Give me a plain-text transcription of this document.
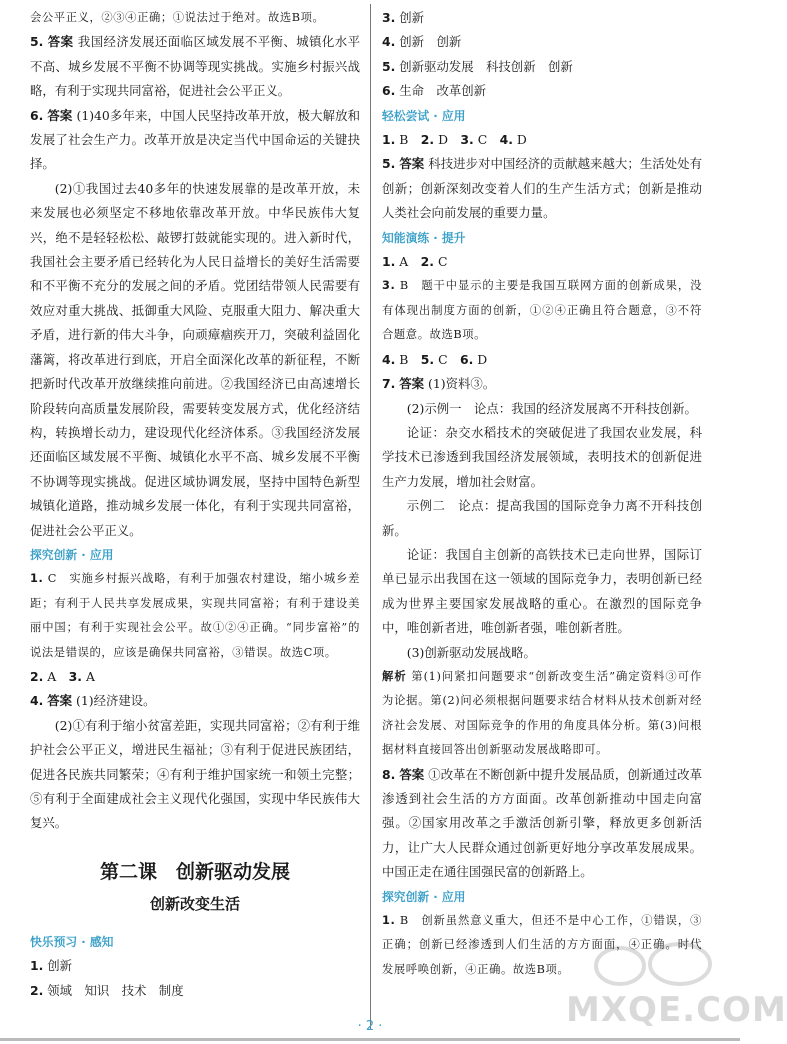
会公平正义，②③④正确；①说法过于绝对。故选B项。

5. 答案 我国经济发展还面临区域发展不平衡、城镇化水平不高、城乡发展不平衡不协调等现实挑战。实施乡村振兴战略，有利于实现共同富裕，促进社会公平正义。

6. 答案 (1)40多年来，中国人民坚持改革开放，极大解放和发展了社会生产力。改革开放是决定当代中国命运的关键抉择。

(2)①我国过去40多年的快速发展靠的是改革开放，未来发展也必须坚定不移地依靠改革开放。中华民族伟大复兴，绝不是轻轻松松、敲锣打鼓就能实现的。进入新时代，我国社会主要矛盾已经转化为人民日益增长的美好生活需要和不平衡不充分的发展之间的矛盾。党团结带领人民需要有效应对重大挑战、抵御重大风险、克服重大阻力、解决重大矛盾，进行新的伟大斗争，向顽瘴痼疾开刀，突破利益固化藩篱，将改革进行到底，开启全面深化改革的新征程，不断把新时代改革开放继续推向前进。②我国经济已由高速增长阶段转向高质量发展阶段，需要转变发展方式，优化经济结构，转换增长动力，建设现代化经济体系。③我国经济发展还面临区域发展不平衡、城镇化水平不高、城乡发展不平衡不协调等现实挑战。促进区域协调发展，坚持中国特色新型城镇化道路，推动城乡发展一体化，有利于实现共同富裕，促进社会公平正义。

探究创新 · 应用

1. C　 实施乡村振兴战略，有利于加强农村建设，缩小城乡差距；有利于人民共享发展成果，实现共同富裕；有利于建设美丽中国；有利于实现社会公平。故①②④正确。“同步富裕”的说法是错误的，应该是确保共同富裕，③错误。故选C项。

2. A　 3. A

4. 答案 (1)经济建设。

(2)①有利于缩小贫富差距，实现共同富裕；②有利于维护社会公平正义，增进民生福祉；③有利于促进民族团结，促进各民族共同繁荣；④有利于维护国家统一和领土完整；⑤有利于全面建成社会主义现代化强国，实现中华民族伟大复兴。

第二课　创新驱动发展
创新改变生活

快乐预习 · 感知

1. 创新

2. 领域　知识　技术　制度

3. 创新

4. 创新　创新

5. 创新驱动发展　科技创新　创新

6. 生命　改革创新

轻松尝试 · 应用

1. B　 2. D　 3. C　 4. D

5. 答案 科技进步对中国经济的贡献越来越大；生活处处有创新；创新深刻改变着人们的生产生活方式；创新是推动人类社会向前发展的重要力量。

知能演练 · 提升

1. A　 2. C

3. B　 题干中显示的主要是我国互联网方面的创新成果，没有体现出制度方面的创新，①②④正确且符合题意，③不符合题意。故选B项。

4. B　 5. C　 6. D

7. 答案 (1)资料③。

(2)示例一　论点：我国的经济发展离不开科技创新。

论证：杂交水稻技术的突破促进了我国农业发展，科学技术已渗透到我国经济发展领域，表明技术的创新促进生产力发展，增加社会财富。

示例二　论点：提高我国的国际竞争力离不开科技创新。

论证：我国自主创新的高铁技术已走向世界，国际订单已显示出我国在这一领域的国际竞争力，表明创新已经成为世界主要国家发展战略的重心。在激烈的国际竞争中，唯创新者进，唯创新者强，唯创新者胜。

(3)创新驱动发展战略。

解析 第(1)问紧扣问题要求“创新改变生活”确定资料③可作为论据。第(2)问必须根据问题要求结合材料从技术创新对经济社会发展、对国际竞争的作用的角度具体分析。第(3)问根据材料直接回答出创新驱动发展战略即可。

8. 答案 ①改革在不断创新中提升发展品质，创新通过改革渗透到社会生活的方方面面。改革创新推动中国走向富强。②国家用改革之手激活创新引擎，释放更多创新活力，让广大人民群众通过创新更好地分享改革发展成果。中国正走在通往国强民富的创新路上。

探究创新 · 应用

1. B　 创新虽然意义重大，但还不是中心工作，①错误，③正确；创新已经渗透到人们生活的方方面面，④正确。时代发展呼唤创新，④正确。故选B项。

MXQE.COM
· 2 ·
